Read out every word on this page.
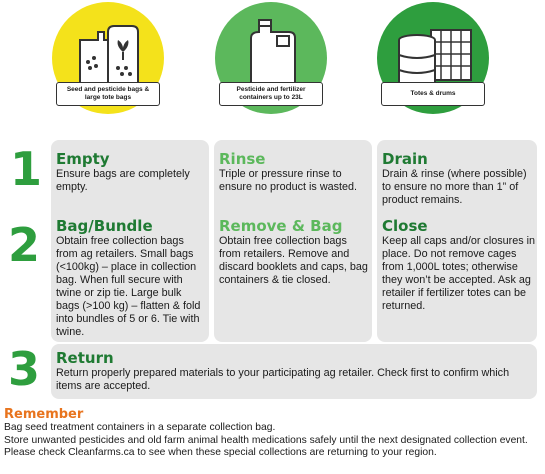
Seed and pesticide bags & large tote bags
Pesticide and fertilizer containers up to 23L
Totes & drums
1
2
3
Empty

Ensure bags are completely empty.

Rinse

Triple or pressure rinse to ensure no product is wasted.

Drain

Drain & rinse (where possible) to ensure no more than 1” of product remains.

Bag/Bundle

Obtain free collection bags from ag retailers. Small bags (<100kg) – place in collection bag. When full secure with twine or zip tie. Large bulk bags (>100 kg) – flatten & fold into bundles of 5 or 6. Tie with twine.

Remove & Bag

Obtain free collection bags from retailers. Remove and discard booklets and caps, bag containers & tie closed.

Close

Keep all caps and/or closures in place. Do not remove cages from 1,000L totes; otherwise they won’t be accepted. Ask ag retailer if fertilizer totes can be returned.

Return

Return properly prepared materials to your participating ag retailer. Check first to confirm which items are accepted.

Remember

Bag seed treatment containers in a separate collection bag.

Store unwanted pesticides and old farm animal health medications safely until the next designated collection event.

Please check Cleanfarms.ca to see when these special collections are returning to your region.
